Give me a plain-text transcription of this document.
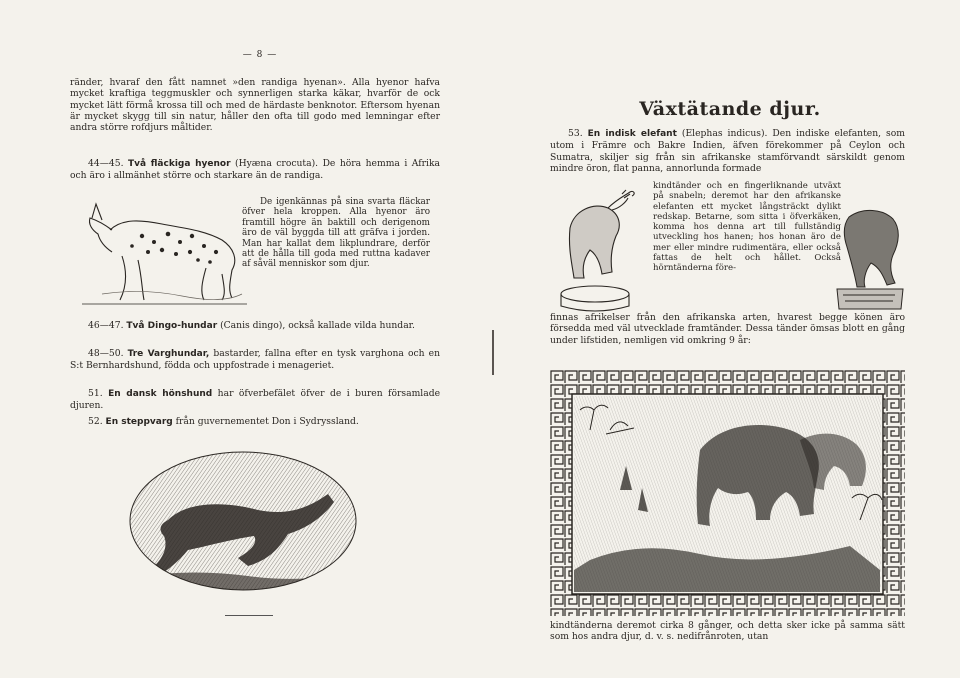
— 8 —

ränder, hvaraf den fått namnet »den randiga hyenan». Alla hyenor hafva mycket kraftiga teggmuskler och synnerligen starka käkar, hvarför de ock mycket lätt förmå krossa till och med de härdaste benknotor. Eftersom hyenan är mycket skygg till sin natur, håller den ofta till godo med lemningar efter andra större rofdjurs måltider.

44—45. Två fläckiga hyenor (Hyæna crocuta). De höra hemma i Afrika och äro i allmänhet större och starkare än de randiga.

De igenkännas på sina svarta fläckar öfver hela kroppen. Alla hyenor äro framtill högre än baktill och derigenom äro de väl byggda till att gräfva i jorden. Man har kallat dem likplundrare, derför att de hålla till goda med ruttna kadaver af såväl menniskor som djur.

46—47. Två Dingo-hundar (Canis dingo), också kallade vilda hundar.

48—50. Tre Varghundar, bastarder, fallna efter en tysk varghona och en S:t Bernhardshund, födda och uppfostrade i menageriet.

51. En dansk hönshund har öfverbefälet öfver de i buren församlade djuren.

52. En steppvarg från guvernementet Don i Sydryssland.

Växtätande djur.

53. En indisk elefant (Elephas indicus). Den indiske elefanten, som utom i Främre och Bakre Indien, äfven förekommer på Ceylon och Sumatra, skiljer sig från sin afrikanske stamförvandt särskildt genom mindre öron, flat panna, annorlunda formade

kindtänder och en fingerliknande utväxt på snabeln; deremot har den afrikanske elefanten ett mycket långsträckt dylikt redskap. Betarne, som sitta i öfverkäken, komma hos denna art till fullständig utveckling hos hanen; hos honan äro de mer eller mindre rudimentära, eller också fattas de helt och hållet. Också hörntänderna före-

finnas afrikelser från den afrikanska arten, hvarest begge könen äro försedda med väl utvecklade framtänder. Dessa tänder ömsas blott en gång under lifstiden, nemligen vid omkring 9 år:

kindtänderna deremot cirka 8 gånger, och detta sker icke på samma sätt som hos andra djur, d. v. s. nedifrånroten, utan
